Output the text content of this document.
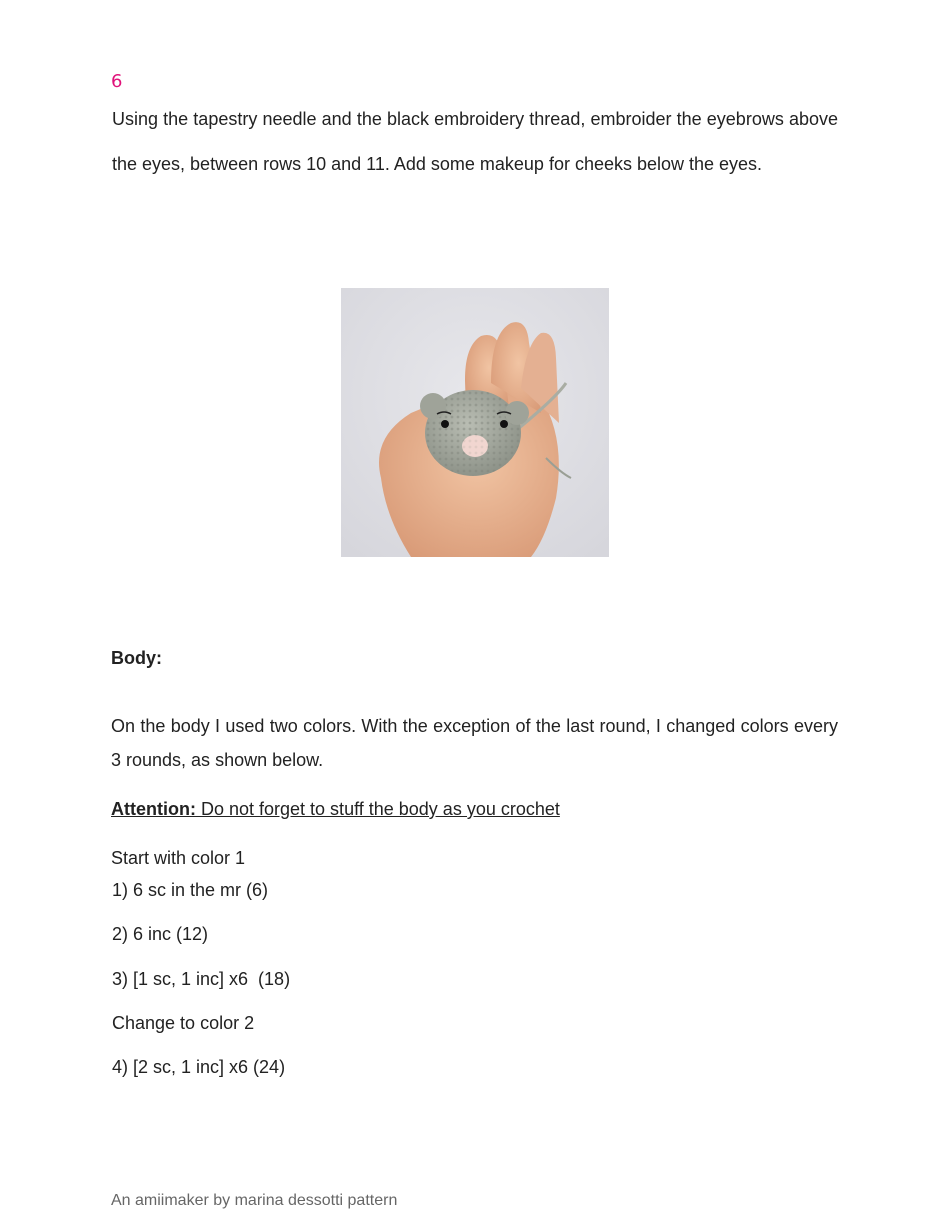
6

Using the tapestry needle and the black embroidery thread, embroider the eyebrows above the eyes, between rows 10 and 11. Add some makeup for cheeks below the eyes.

Body:

On the body I used two colors. With the exception of the last round, I changed colors every 3 rounds, as shown below.

Attention: Do not forget to stuff the body as you crochet

Start with color 1

1) 6 sc in the mr (6)

2) 6 inc (12)

3) [1 sc, 1 inc] x6  (18)

Change to color 2

4) [2 sc, 1 inc] x6 (24)

An amiimaker by marina dessotti pattern
